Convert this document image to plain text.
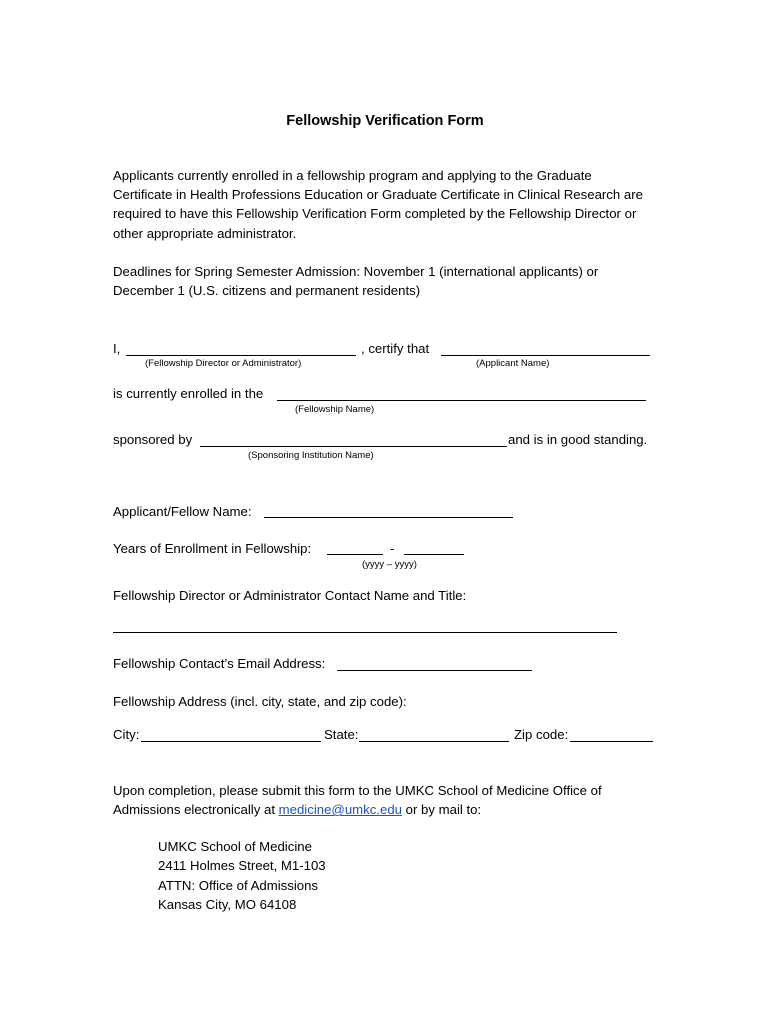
Fellowship Verification Form
Applicants currently enrolled in a fellowship program and applying to the Graduate Certificate in Health Professions Education or Graduate Certificate in Clinical Research are required to have this Fellowship Verification Form completed by the Fellowship Director or other appropriate administrator.
Deadlines for Spring Semester Admission: November 1 (international applicants) or December 1 (U.S. citizens and permanent residents)
I,	, certify that
(Fellowship Director or Administrator)	(Applicant Name)
is currently enrolled in the
(Fellowship Name)
sponsored by	and is in good standing.
(Sponsoring Institution Name)
Applicant/Fellow Name:
Years of Enrollment in Fellowship:	-
(yyyy – yyyy)
Fellowship Director or Administrator Contact Name and Title:
Fellowship Contact’s Email Address:
Fellowship Address (incl. city, state, and zip code):
City:	State:	Zip code:
Upon completion, please submit this form to the UMKC School of Medicine Office of Admissions electronically at medicine@umkc.edu or by mail to:
UMKC School of Medicine
2411 Holmes Street, M1-103
ATTN: Office of Admissions
Kansas City, MO 64108
